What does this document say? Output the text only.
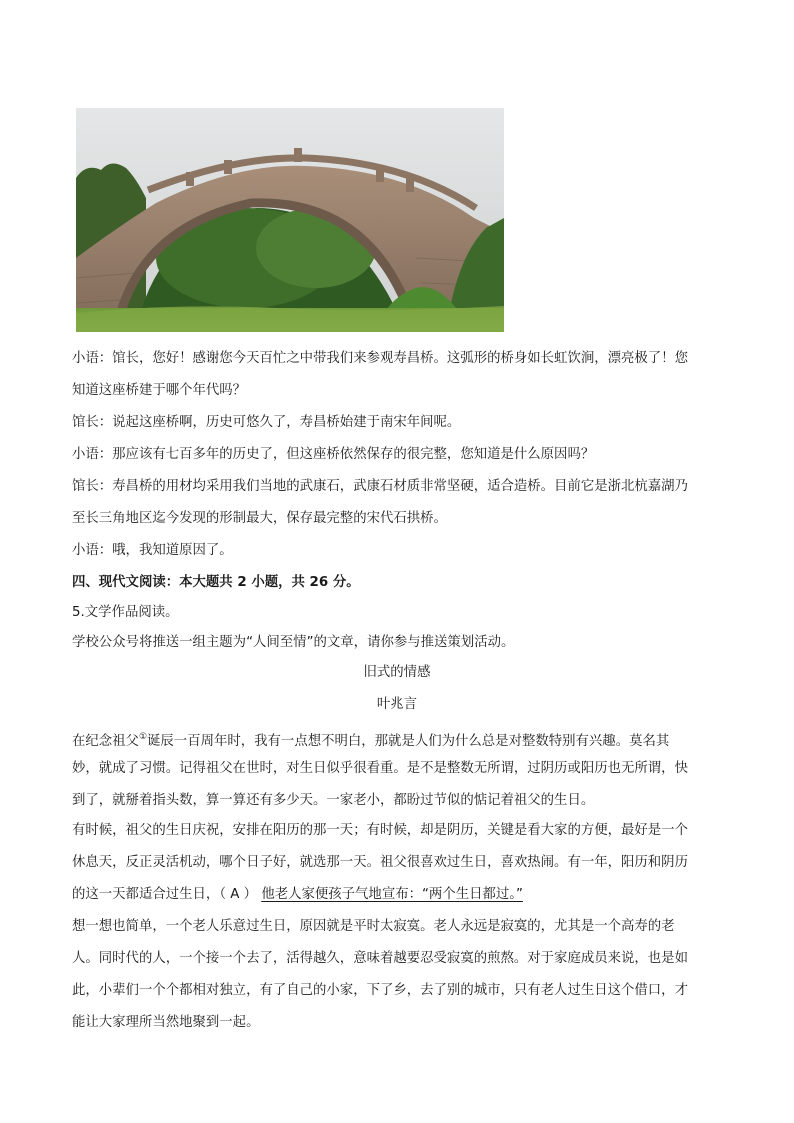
小语：馆长，您好！感谢您今天百忙之中带我们来参观寿昌桥。这弧形的桥身如长虹饮涧，漂亮极了！您
知道这座桥建于哪个年代吗？
馆长：说起这座桥啊，历史可悠久了，寿昌桥始建于南宋年间呢。
小语：那应该有七百多年的历史了，但这座桥依然保存的很完整，您知道是什么原因吗？
馆长：寿昌桥的用材均采用我们当地的武康石，武康石材质非常坚硬，适合造桥。目前它是浙北杭嘉湖乃
至长三角地区迄今发现的形制最大，保存最完整的宋代石拱桥。
小语：哦，我知道原因了。
四、现代文阅读：本大题共 2 小题，共 26 分。
5.文学作品阅读。
学校公众号将推送一组主题为“人间至情”的文章，请你参与推送策划活动。
旧式的情感
叶兆言
在纪念祖父①诞辰一百周年时，我有一点想不明白，那就是人们为什么总是对整数特别有兴趣。莫名其
妙，就成了习惯。记得祖父在世时，对生日似乎很看重。是不是整数无所谓，过阴历或阳历也无所谓，快
到了，就掰着指头数，算一算还有多少天。一家老小，都盼过节似的惦记着祖父的生日。
有时候，祖父的生日庆祝，安排在阳历的那一天；有时候，却是阴历，关键是看大家的方便，最好是一个
休息天，反正灵活机动，哪个日子好，就选那一天。祖父很喜欢过生日，喜欢热闹。有一年，阳历和阴历
的这一天都适合过生日，（ A ） 他老人家便孩子气地宣布：“两个生日都过。”
想一想也简单，一个老人乐意过生日，原因就是平时太寂寞。老人永远是寂寞的，尤其是一个高寿的老
人。同时代的人，一个接一个去了，活得越久，意味着越要忍受寂寞的煎熬。对于家庭成员来说，也是如
此，小辈们一个个都相对独立，有了自己的小家，下了乡，去了别的城市，只有老人过生日这个借口，才
能让大家理所当然地聚到一起。
